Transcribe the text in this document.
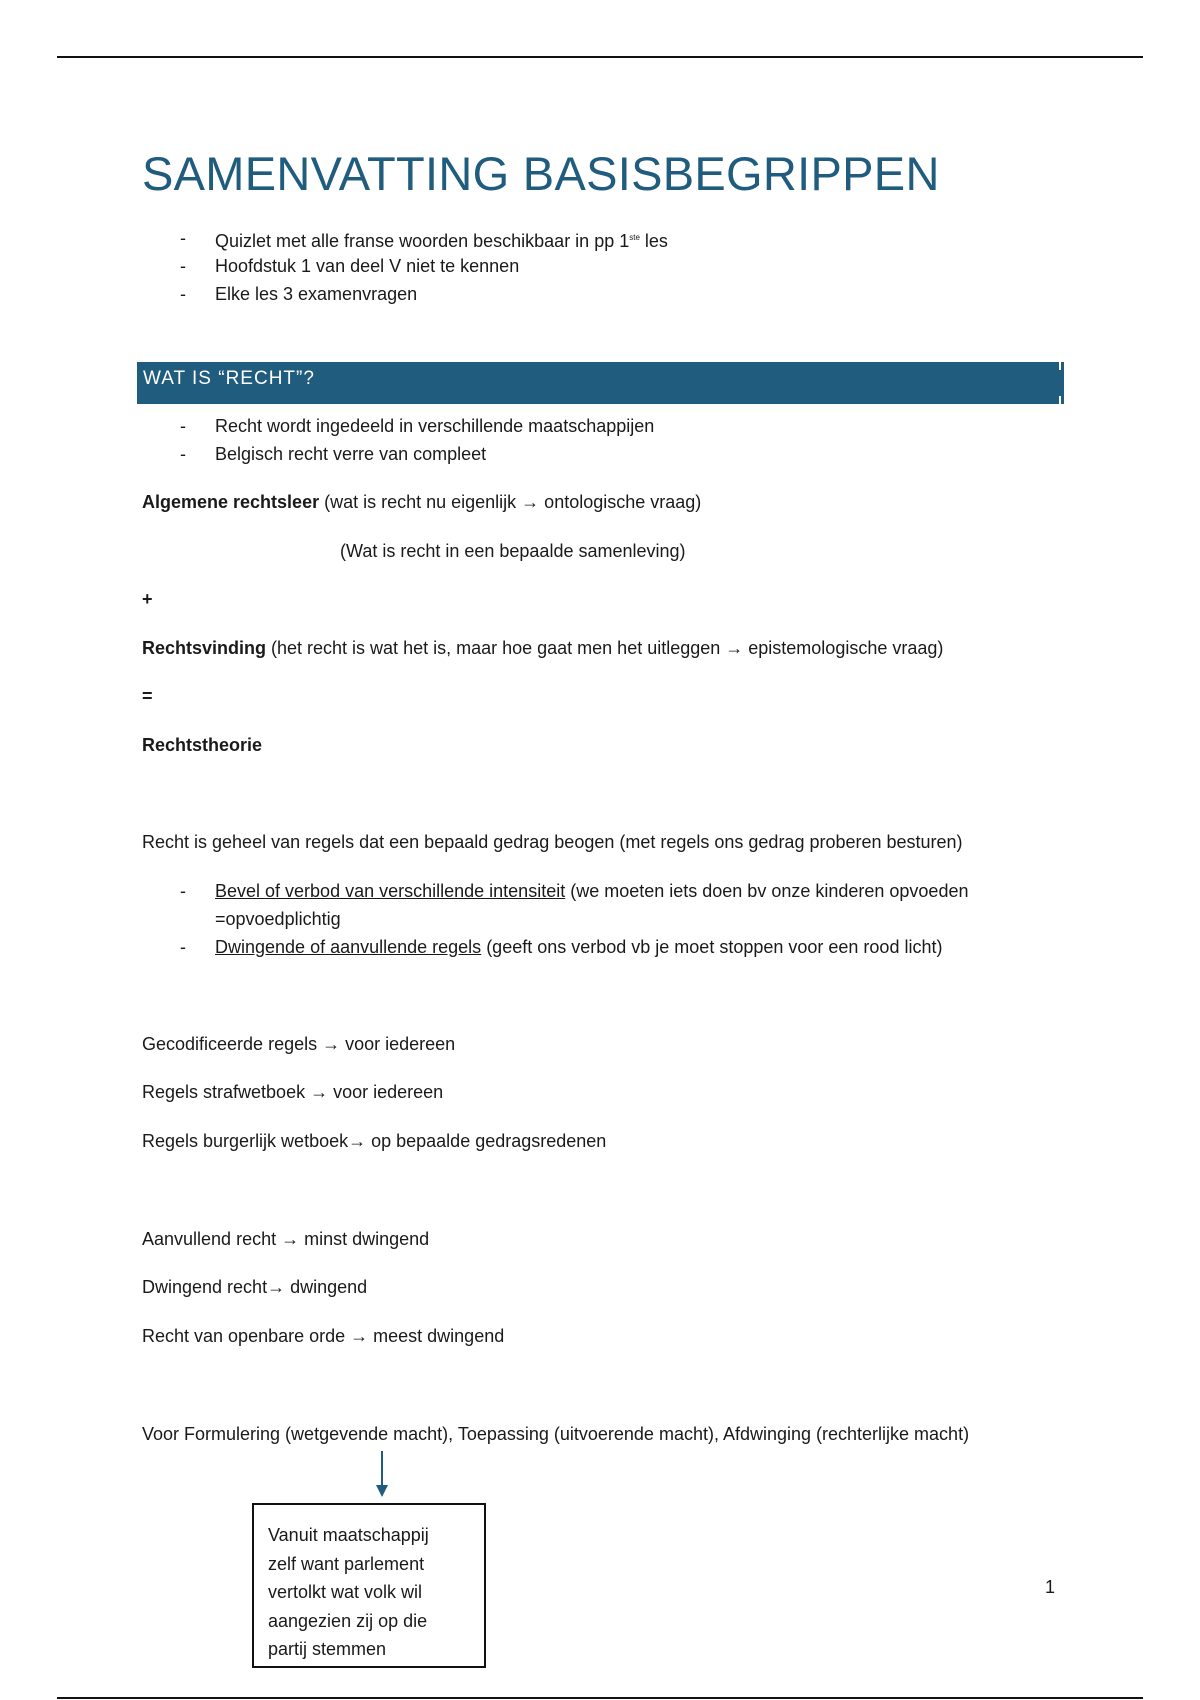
SAMENVATTING BASISBEGRIPPEN
- Quizlet met alle franse woorden beschikbaar in pp 1ste les
- Hoofdstuk 1 van deel V niet te kennen
- Elke les 3 examenvragen
WAT IS “RECHT”?
- Recht wordt ingedeeld in verschillende maatschappijen
- Belgisch recht verre van compleet
Algemene rechtsleer (wat is recht nu eigenlijk → ontologische vraag)
(Wat is recht in een bepaalde samenleving)
+
Rechtsvinding (het recht is wat het is, maar hoe gaat men het uitleggen → epistemologische vraag)
=
Rechtstheorie
Recht is geheel van regels dat een bepaald gedrag beogen (met regels ons gedrag proberen besturen)
- Bevel of verbod van verschillende intensiteit (we moeten iets doen bv onze kinderen opvoeden
=opvoedplichtig
- Dwingende of aanvullende regels (geeft ons verbod vb je moet stoppen voor een rood licht)
Gecodificeerde regels → voor iedereen
Regels strafwetboek → voor iedereen
Regels burgerlijk wetboek→ op bepaalde gedragsredenen
Aanvullend recht → minst dwingend
Dwingend recht→ dwingend
Recht van openbare orde → meest dwingend
Voor Formulering (wetgevende macht), Toepassing (uitvoerende macht), Afdwinging (rechterlijke macht)
Vanuit maatschappij
zelf want parlement
vertolkt wat volk wil
aangezien zij op die
partij stemmen
1
